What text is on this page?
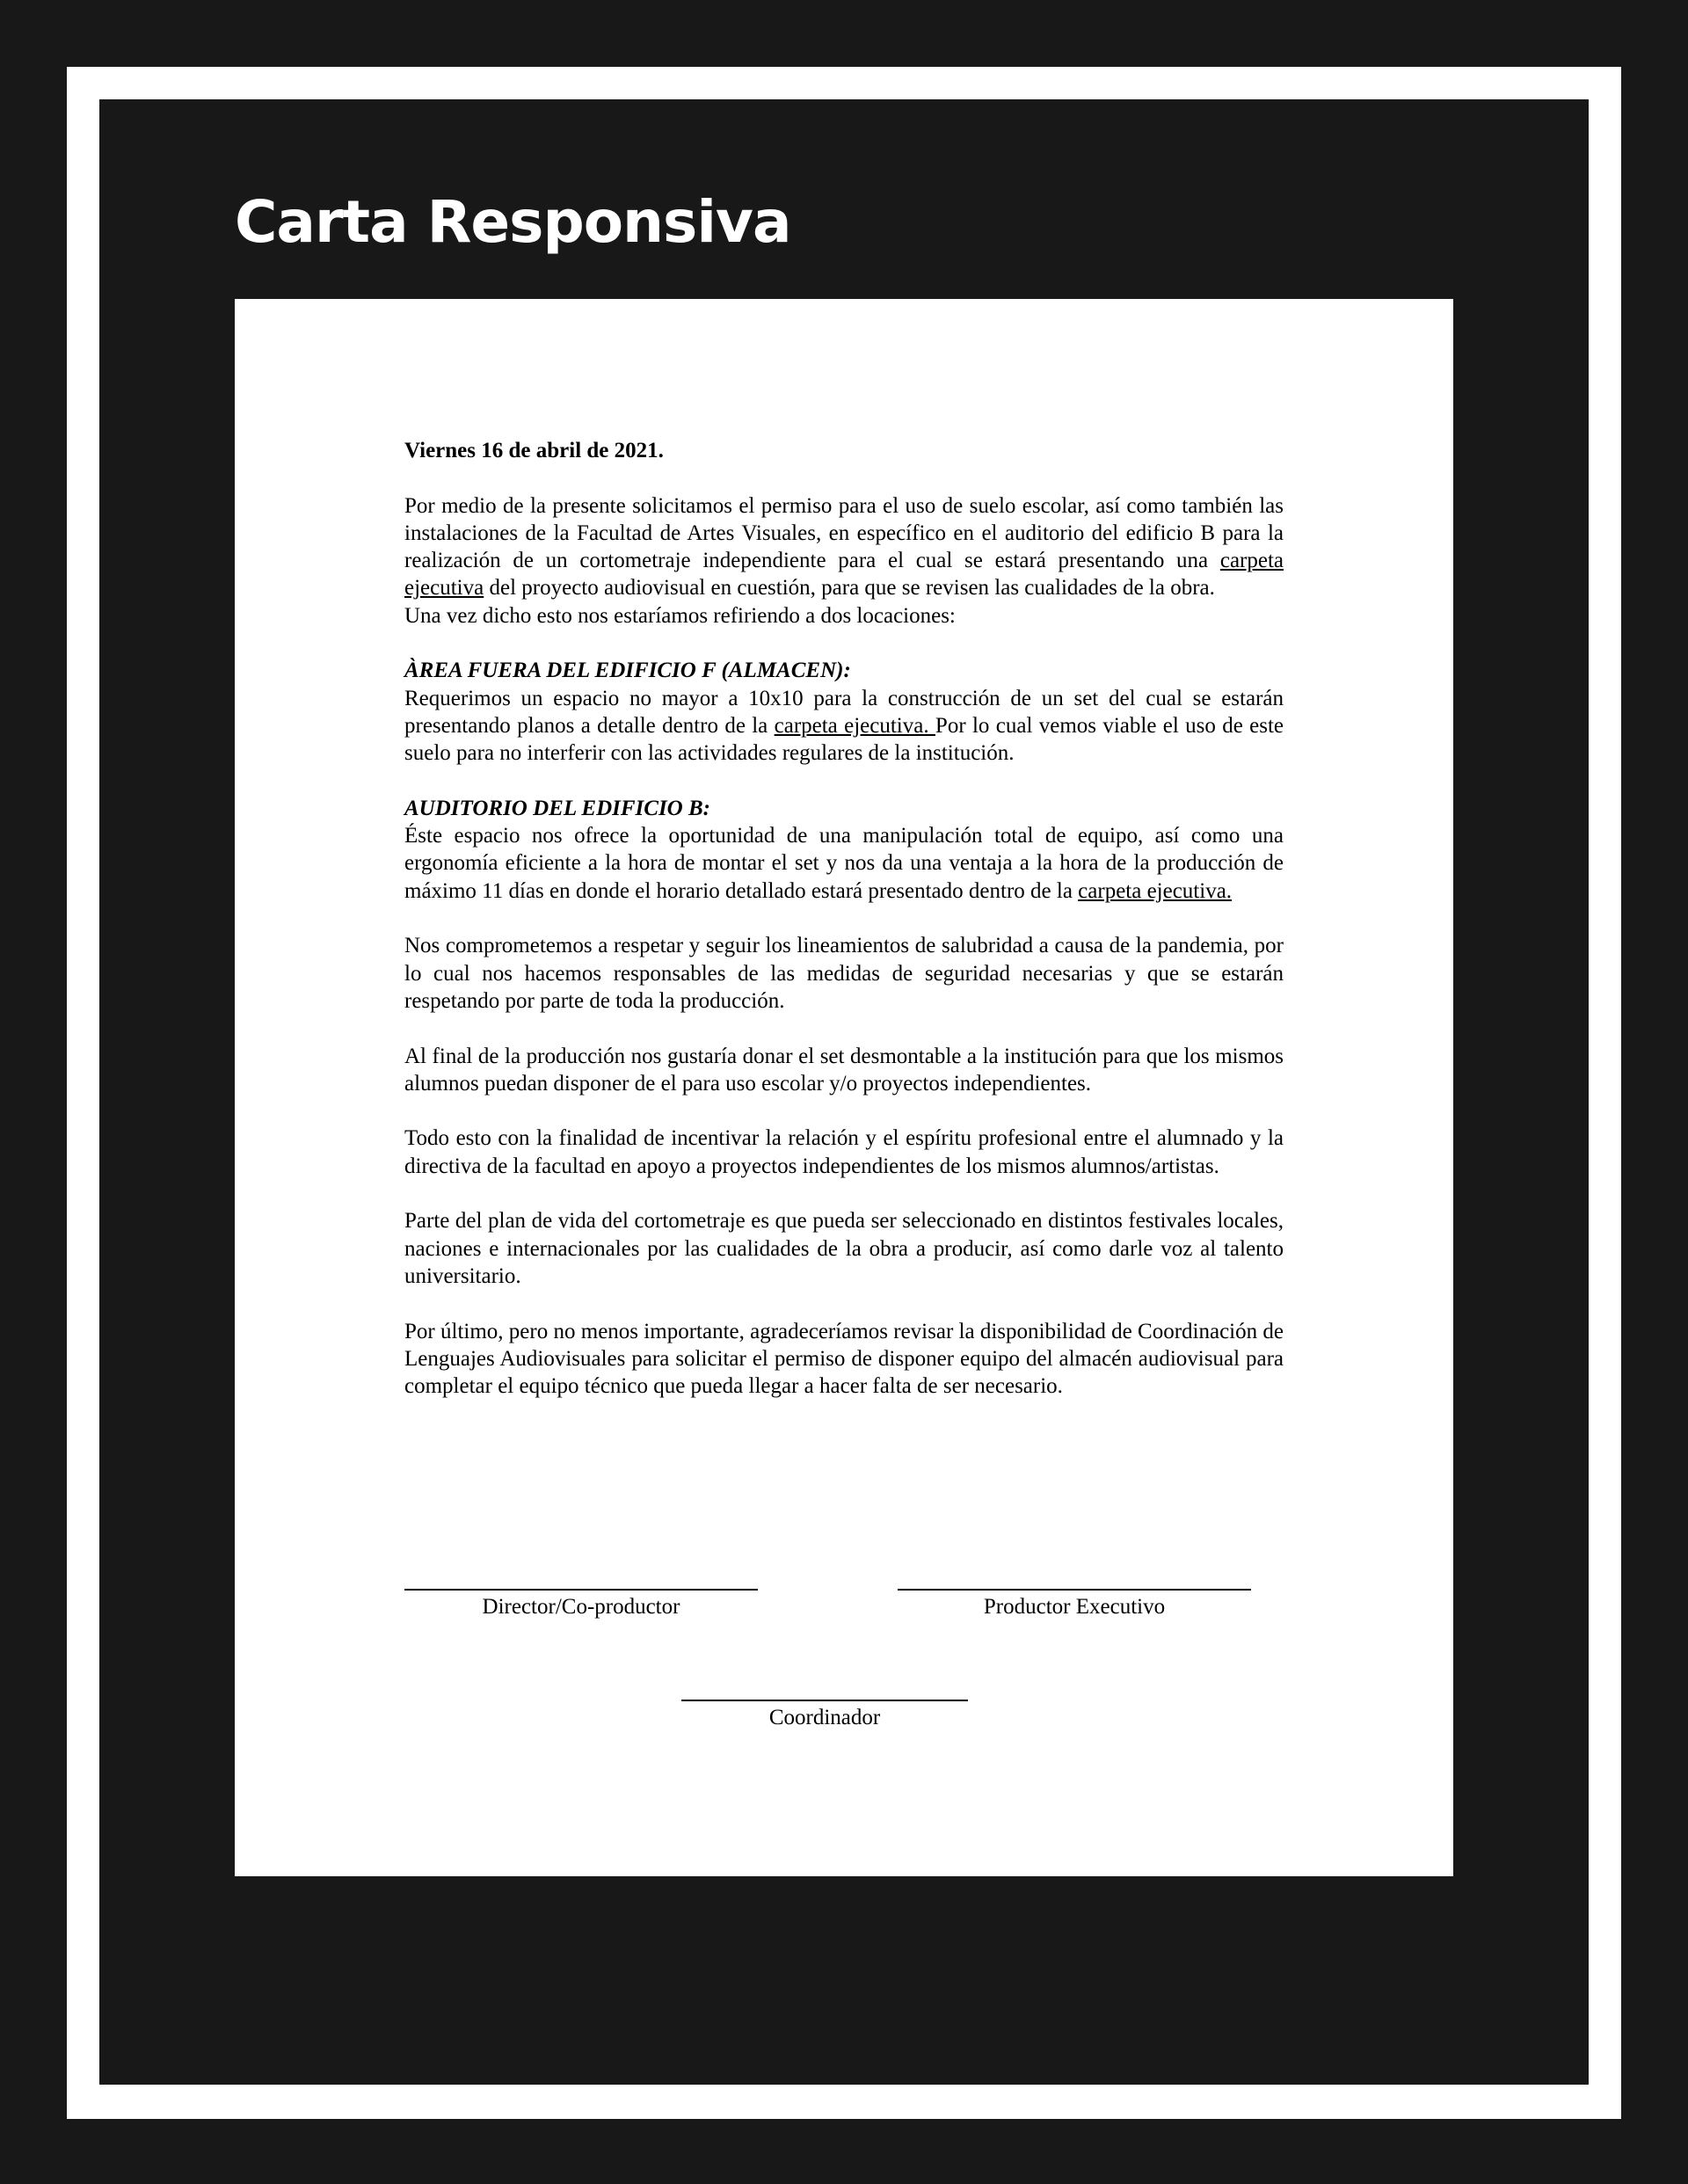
Carta Responsiva

Viernes 16 de abril de 2021.

Por medio de la presente solicitamos el permiso para el uso de suelo escolar, así como también las instalaciones de la Facultad de Artes Visuales, en específico en el auditorio del edificio B para la realización de un cortometraje independiente para el cual se estará presentando una carpeta ejecutiva del proyecto audiovisual en cuestión, para que se revisen las cualidades de la obra.

Una vez dicho esto nos estaríamos refiriendo a dos locaciones:

ÀREA FUERA DEL EDIFICIO F (ALMACEN):

Requerimos un espacio no mayor a 10x10 para la construcción de un set del cual se estarán presentando planos a detalle dentro de la carpeta ejecutiva. Por lo cual vemos viable el uso de este suelo para no interferir con las actividades regulares de la institución.

AUDITORIO DEL EDIFICIO B:

Éste espacio nos ofrece la oportunidad de una manipulación total de equipo, así como una ergonomía eficiente a la hora de montar el set y nos da una ventaja a la hora de la producción de máximo 11 días en donde el horario detallado estará presentado dentro de la carpeta ejecutiva.

Nos comprometemos a respetar y seguir los lineamientos de salubridad a causa de la pandemia, por lo cual nos hacemos responsables de las medidas de seguridad necesarias y que se estarán respetando por parte de toda la producción.

Al final de la producción nos gustaría donar el set desmontable a la institución para que los mismos alumnos puedan disponer de el para uso escolar y/o proyectos independientes.

Todo esto con la finalidad de incentivar la relación y el espíritu profesional entre el alumnado y la directiva de la facultad en apoyo a proyectos independientes de los mismos alumnos/artistas.

Parte del plan de vida del cortometraje es que pueda ser seleccionado en distintos festivales locales, naciones e internacionales por las cualidades de la obra a producir, así como darle voz al talento universitario.

Por último, pero no menos importante, agradeceríamos revisar la disponibilidad de Coordinación de Lenguajes Audiovisuales para solicitar el permiso de disponer equipo del almacén audiovisual para completar el equipo técnico que pueda llegar a hacer falta de ser necesario.

Director/Co-productor	Productor Executivo
Coordinador
